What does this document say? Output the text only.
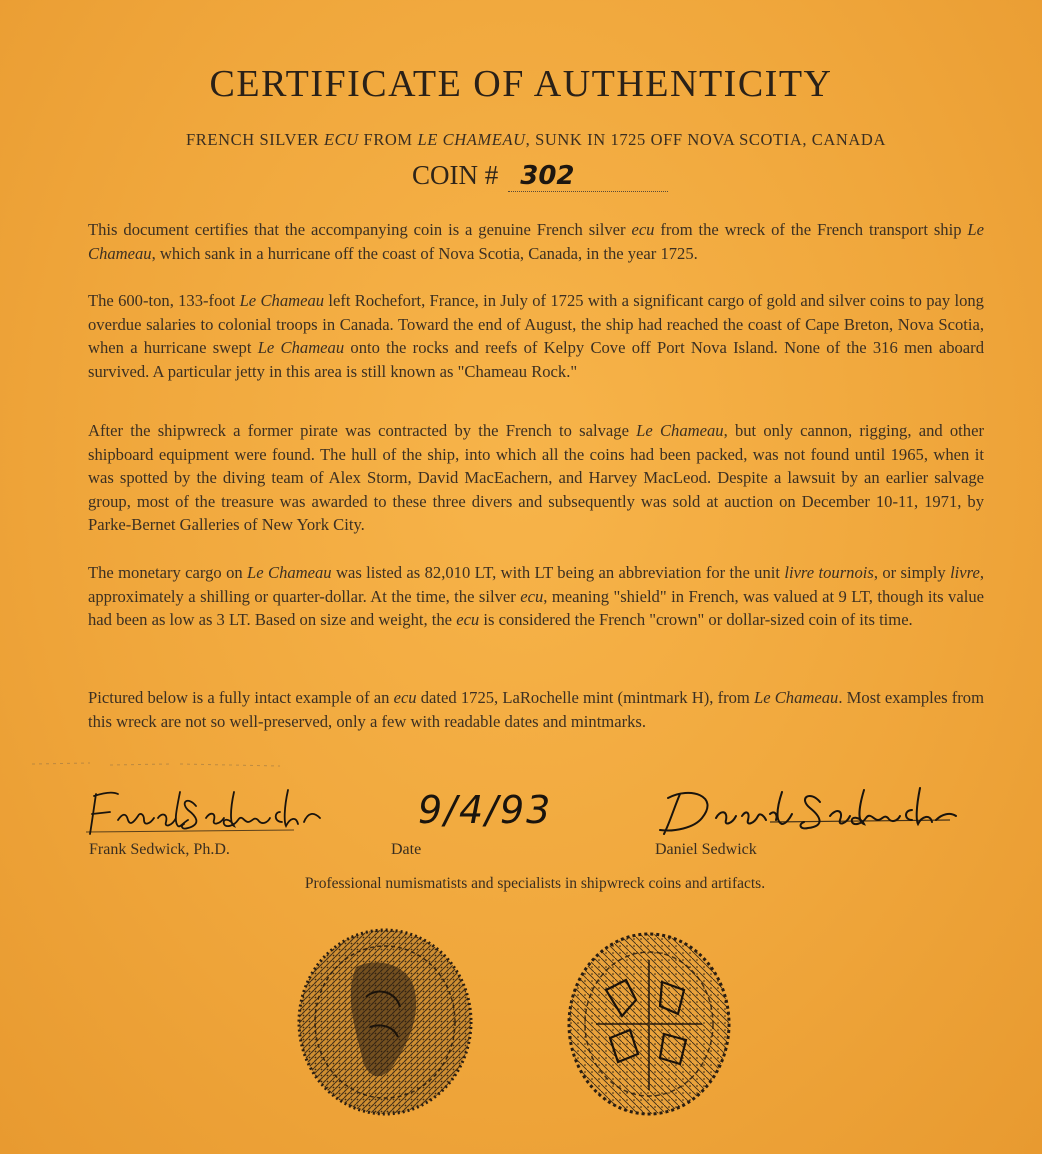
CERTIFICATE OF AUTHENTICITY
FRENCH SILVER ECU FROM LE CHAMEAU, SUNK IN 1725 OFF NOVA SCOTIA, CANADA
COIN # 302

This document certifies that the accompanying coin is a genuine French silver ecu from the wreck of the French transport ship Le Chameau, which sank in a hurricane off the coast of Nova Scotia, Canada, in the year 1725.

The 600-ton, 133-foot Le Chameau left Rochefort, France, in July of 1725 with a significant cargo of gold and silver coins to pay long overdue salaries to colonial troops in Canada. Toward the end of August, the ship had reached the coast of Cape Breton, Nova Scotia, when a hurricane swept Le Chameau onto the rocks and reefs of Kelpy Cove off Port Nova Island. None of the 316 men aboard survived. A particular jetty in this area is still known as "Chameau Rock."

After the shipwreck a former pirate was contracted by the French to salvage Le Chameau, but only cannon, rigging, and other shipboard equipment were found. The hull of the ship, into which all the coins had been packed, was not found until 1965, when it was spotted by the diving team of Alex Storm, David MacEachern, and Harvey MacLeod. Despite a lawsuit by an earlier salvage group, most of the treasure was awarded to these three divers and subsequently was sold at auction on December 10-11, 1971, by Parke-Bernet Galleries of New York City.

The monetary cargo on Le Chameau was listed as 82,010 LT, with LT being an abbreviation for the unit livre tournois, or simply livre, approximately a shilling or quarter-dollar. At the time, the silver ecu, meaning "shield" in French, was valued at 9 LT, though its value had been as low as 3 LT. Based on size and weight, the ecu is considered the French "crown" or dollar-sized coin of its time.

Pictured below is a fully intact example of an ecu dated 1725, LaRochelle mint (mintmark H), from Le Chameau. Most examples from this wreck are not so well-preserved, only a few with readable dates and mintmarks.

Frank Sedwick, Ph.D.
9/4/93
Date	Daniel Sedwick
Professional numismatists and specialists in shipwreck coins and artifacts.
